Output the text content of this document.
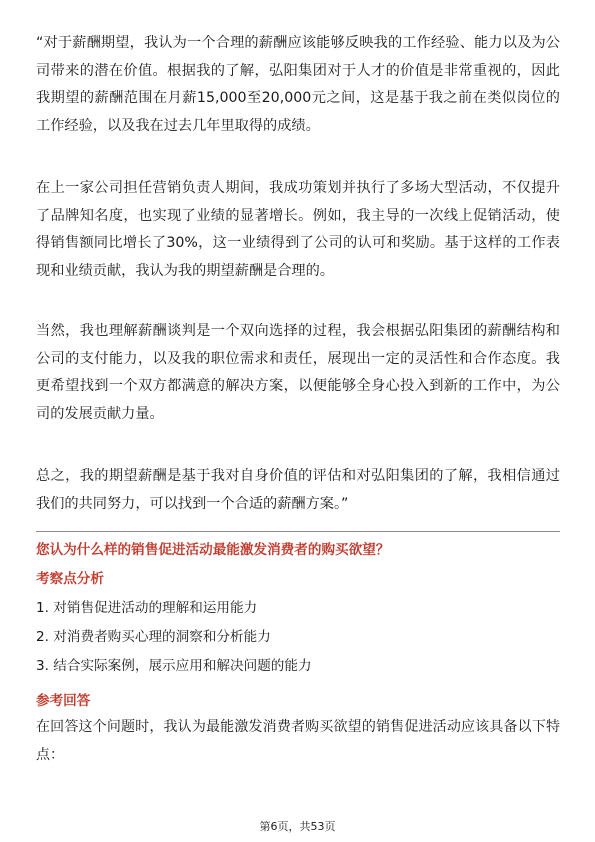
“对于薪酬期望，我认为一个合理的薪酬应该能够反映我的工作经验、能力以及为公司带来的潜在价值。根据我的了解，弘阳集团对于人才的价值是非常重视的，因此我期望的薪酬范围在月薪15,000至20,000元之间，这是基于我之前在类似岗位的工作经验，以及我在过去几年里取得的成绩。

在上一家公司担任营销负责人期间，我成功策划并执行了多场大型活动，不仅提升了品牌知名度，也实现了业绩的显著增长。例如，我主导的一次线上促销活动，使得销售额同比增长了30%，这一业绩得到了公司的认可和奖励。基于这样的工作表现和业绩贡献，我认为我的期望薪酬是合理的。

当然，我也理解薪酬谈判是一个双向选择的过程，我会根据弘阳集团的薪酬结构和公司的支付能力，以及我的职位需求和责任，展现出一定的灵活性和合作态度。我更希望找到一个双方都满意的解决方案，以便能够全身心投入到新的工作中，为公司的发展贡献力量。

总之，我的期望薪酬是基于我对自身价值的评估和对弘阳集团的了解，我相信通过我们的共同努力，可以找到一个合适的薪酬方案。”

您认为什么样的销售促进活动最能激发消费者的购买欲望？
考察点分析
1. 对销售促进活动的理解和运用能力
2. 对消费者购买心理的洞察和分析能力
3. 结合实际案例，展示应用和解决问题的能力
参考回答

在回答这个问题时，我认为最能激发消费者购买欲望的销售促进活动应该具备以下特点：

第6页，共53页
